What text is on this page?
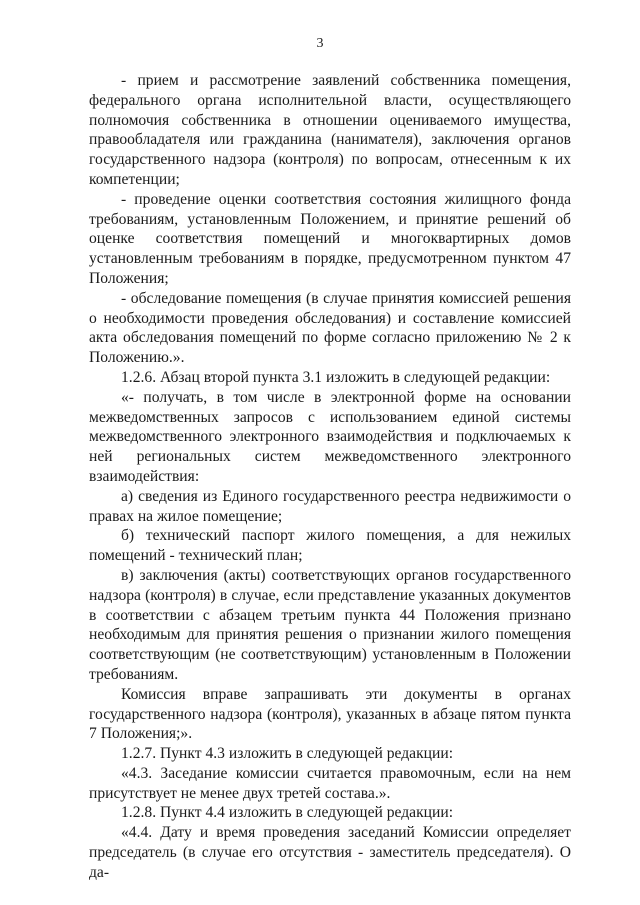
3

- прием и рассмотрение заявлений собственника помещения, федерального органа исполнительной власти, осуществляющего полномочия собственника в отношении оцениваемого имущества, правообладателя или гражданина (нанимателя), заключения органов государственного надзора (контроля) по вопросам, отнесенным к их компетенции;

- проведение оценки соответствия состояния жилищного фонда требованиям, установленным Положением, и принятие решений об оценке соответствия помещений и многоквартирных домов установленным требованиям в порядке, предусмотренном пунктом 47 Положения;

- обследование помещения (в случае принятия комиссией решения о необходимости проведения обследования) и составление комиссией акта обследования помещений по форме согласно приложению № 2 к Положению.».

1.2.6. Абзац второй пункта 3.1 изложить в следующей редакции:

«- получать, в том числе в электронной форме на основании межведомственных запросов с использованием единой системы межведомственного электронного взаимодействия и подключаемых к ней региональных систем межведомственного электронного взаимодействия:

а) сведения из Единого государственного реестра недвижимости о правах на жилое помещение;

б) технический паспорт жилого помещения, а для нежилых помещений - технический план;

в) заключения (акты) соответствующих органов государственного надзора (контроля) в случае, если представление указанных документов в соответствии с абзацем третьим пункта 44 Положения признано необходимым для принятия решения о признании жилого помещения соответствующим (не соответствующим) установленным в Положении требованиям.

Комиссия вправе запрашивать эти документы в органах государственного надзора (контроля), указанных в абзаце пятом пункта 7 Положения;».

1.2.7. Пункт 4.3 изложить в следующей редакции:

«4.3. Заседание комиссии считается правомочным, если на нем присутствует не менее двух третей состава.».

1.2.8. Пункт 4.4 изложить в следующей редакции:

«4.4. Дату и время проведения заседаний Комиссии определяет председатель (в случае его отсутствия - заместитель председателя). О да-
